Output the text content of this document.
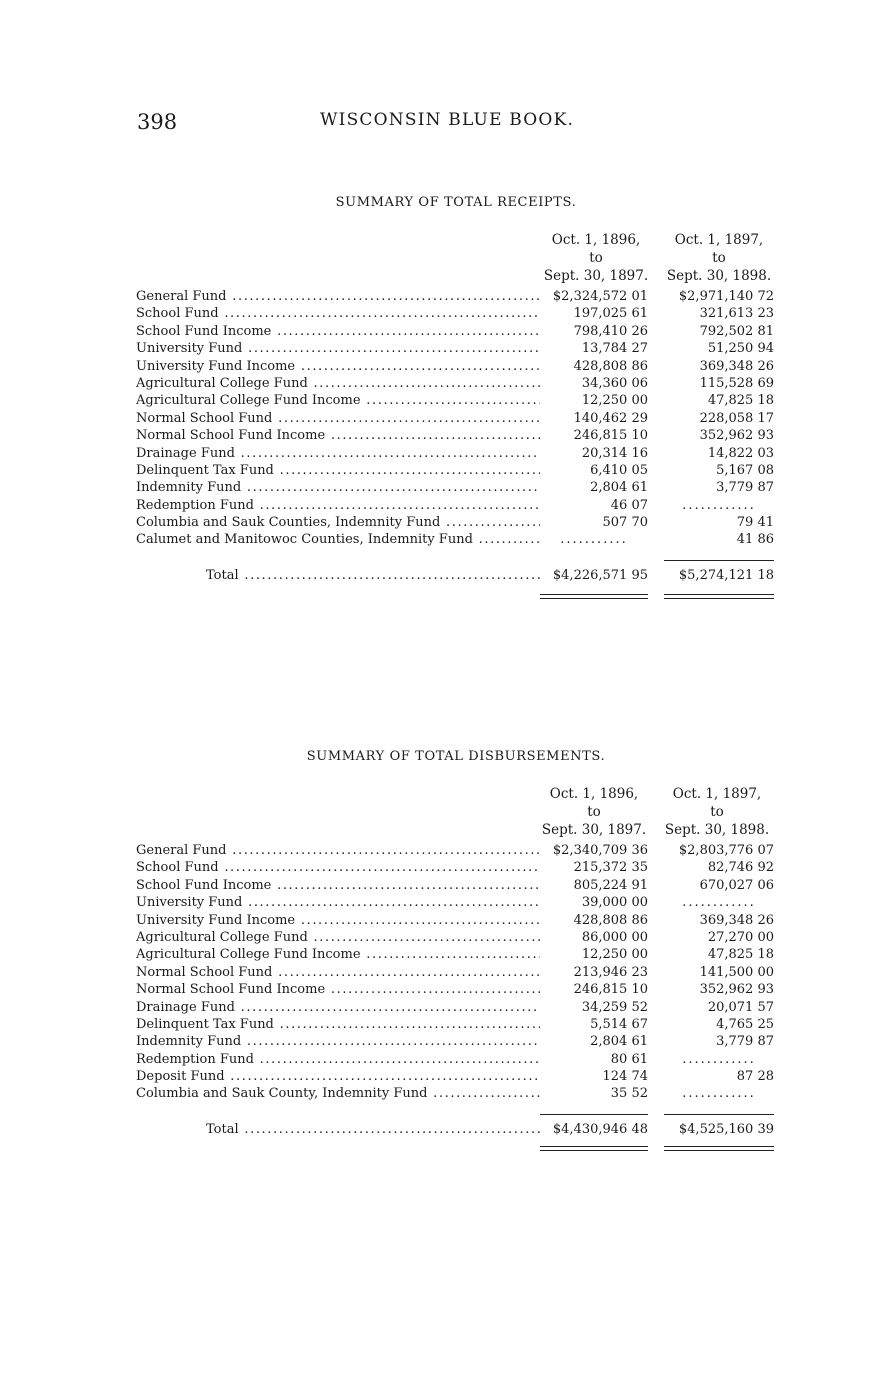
398	WISCONSIN BLUE BOOK.
SUMMARY OF TOTAL RECEIPTS.
Oct. 1, 1896,
to
Sept. 30, 1897.
Oct. 1, 1897,
to
Sept. 30, 1898.
General Fund .....	$2,324,572 01	$2,971,140 72
School Fund .....	197,025 61	321,613 23
School Fund Income .....	798,410 26	792,502 81
University Fund .....	13,784 27	51,250 94
University Fund Income .....	428,808 86	369,348 26
Agricultural College Fund .....	34,360 06	115,528 69
Agricultural College Fund Income .....	12,250 00	47,825 18
Normal School Fund .....	140,462 29	228,058 17
Normal School Fund Income .....	246,815 10	352,962 93
Drainage Fund .....	20,314 16	14,822 03
Delinquent Tax Fund .....	6,410 05	5,167 08
Indemnity Fund .....	2,804 61	3,779 87
Redemption Fund .....	46 07	............
Columbia and Sauk Counties, Indemnity Fund .....	507 70	79 41
Calumet and Manitowoc Counties, Indemnity Fund .....	...........	41 86
Total .....	$4,226,571 95	$5,274,121 18
SUMMARY OF TOTAL DISBURSEMENTS.
Oct. 1, 1896,
to
Sept. 30, 1897.
Oct. 1, 1897,
to
Sept. 30, 1898.
General Fund .....	$2,340,709 36	$2,803,776 07
School Fund .....	215,372 35	82,746 92
School Fund Income .....	805,224 91	670,027 06
University Fund .....	39,000 00	............
University Fund Income .....	428,808 86	369,348 26
Agricultural College Fund .....	86,000 00	27,270 00
Agricultural College Fund Income .....	12,250 00	47,825 18
Normal School Fund .....	213,946 23	141,500 00
Normal School Fund Income .....	246,815 10	352,962 93
Drainage Fund .....	34,259 52	20,071 57
Delinquent Tax Fund .....	5,514 67	4,765 25
Indemnity Fund .....	2,804 61	3,779 87
Redemption Fund .....	80 61	............
Deposit Fund .....	124 74	87 28
Columbia and Sauk County, Indemnity Fund .....	35 52	............
Total .....	$4,430,946 48	$4,525,160 39
